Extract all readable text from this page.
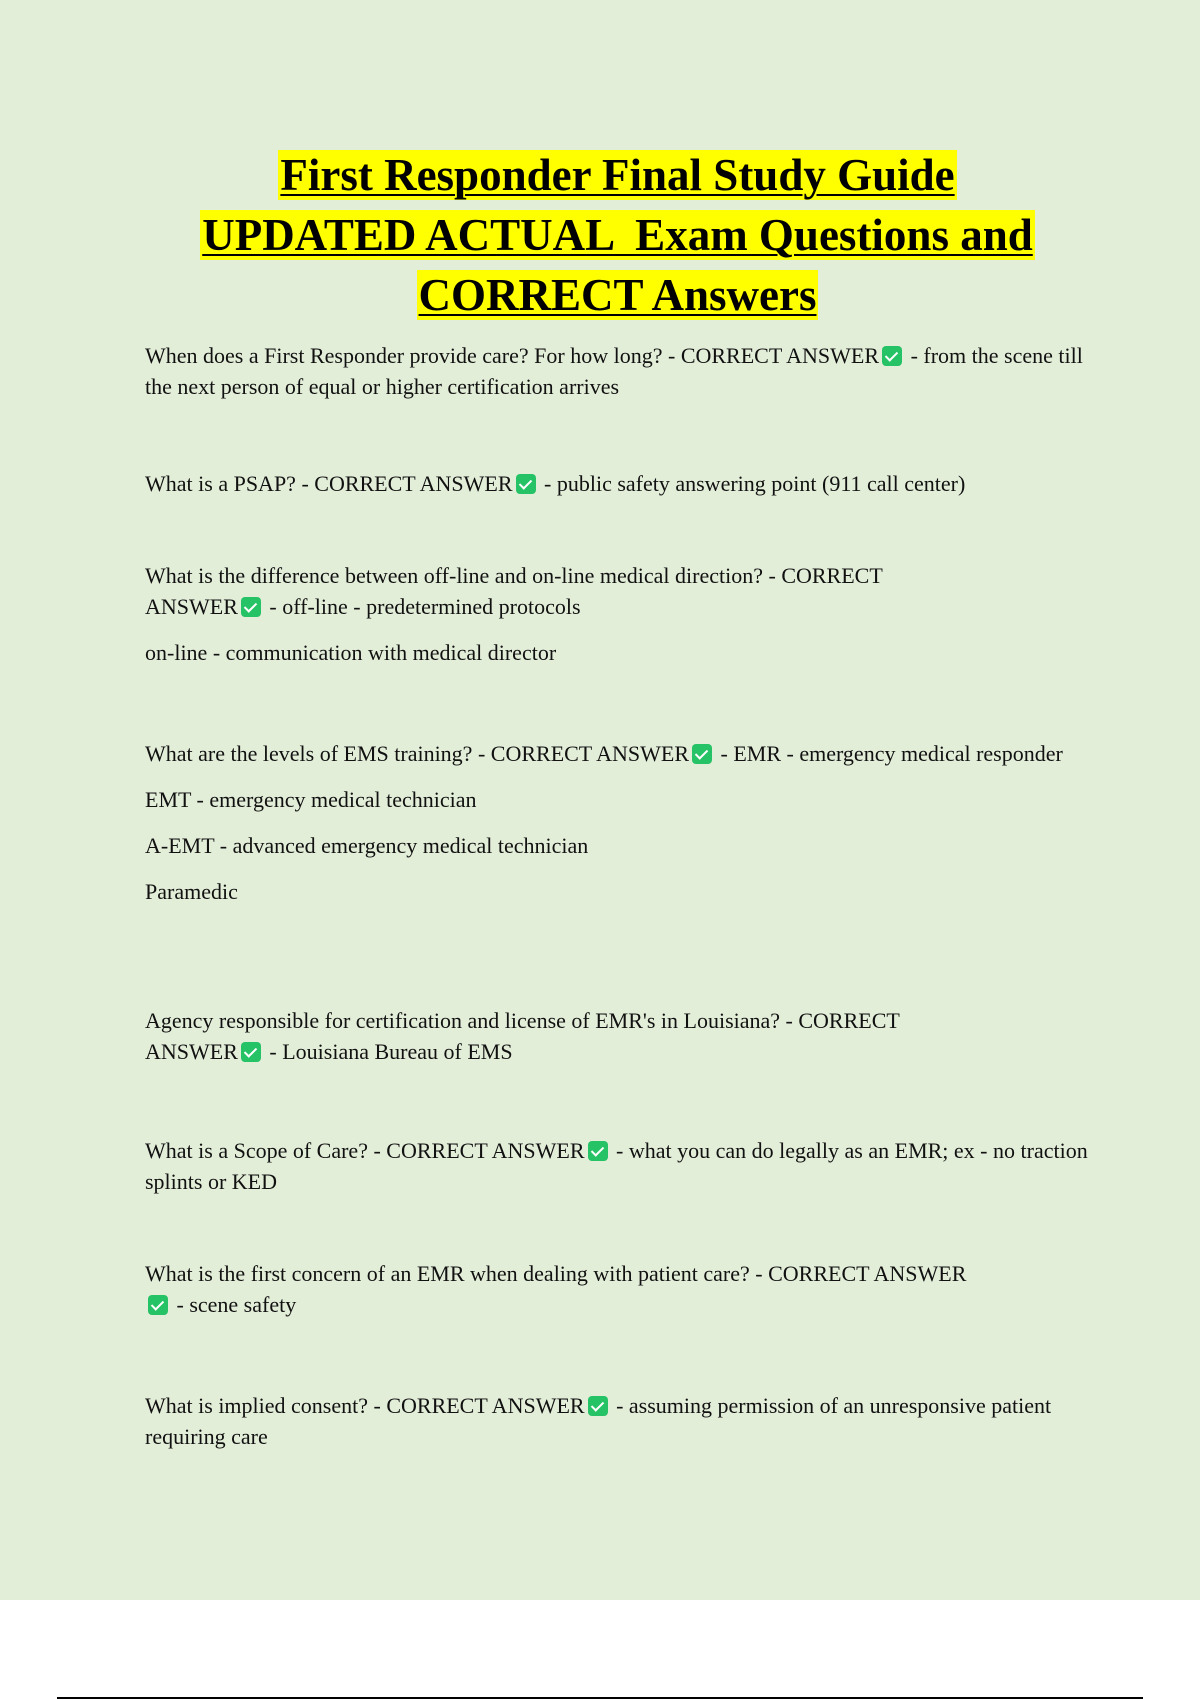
First Responder Final Study Guide
UPDATED ACTUAL  Exam Questions and
CORRECT Answers

When does a First Responder provide care? For how long? - CORRECT ANSWER - from the scene till the next person of equal or higher certification arrives

What is a PSAP? - CORRECT ANSWER - public safety answering point (911 call center)

What is the difference between off-line and on-line medical direction? - CORRECT ANSWER - off-line - predetermined protocols

on-line - communication with medical director

What are the levels of EMS training? - CORRECT ANSWER - EMR - emergency medical responder

EMT - emergency medical technician

A-EMT - advanced emergency medical technician

Paramedic

Agency responsible for certification and license of EMR's in Louisiana? - CORRECT ANSWER - Louisiana Bureau of EMS

What is a Scope of Care? - CORRECT ANSWER - what you can do legally as an EMR; ex - no traction splints or KED

What is the first concern of an EMR when dealing with patient care? - CORRECT ANSWER - scene safety

What is implied consent? - CORRECT ANSWER - assuming permission of an unresponsive patient requiring care
